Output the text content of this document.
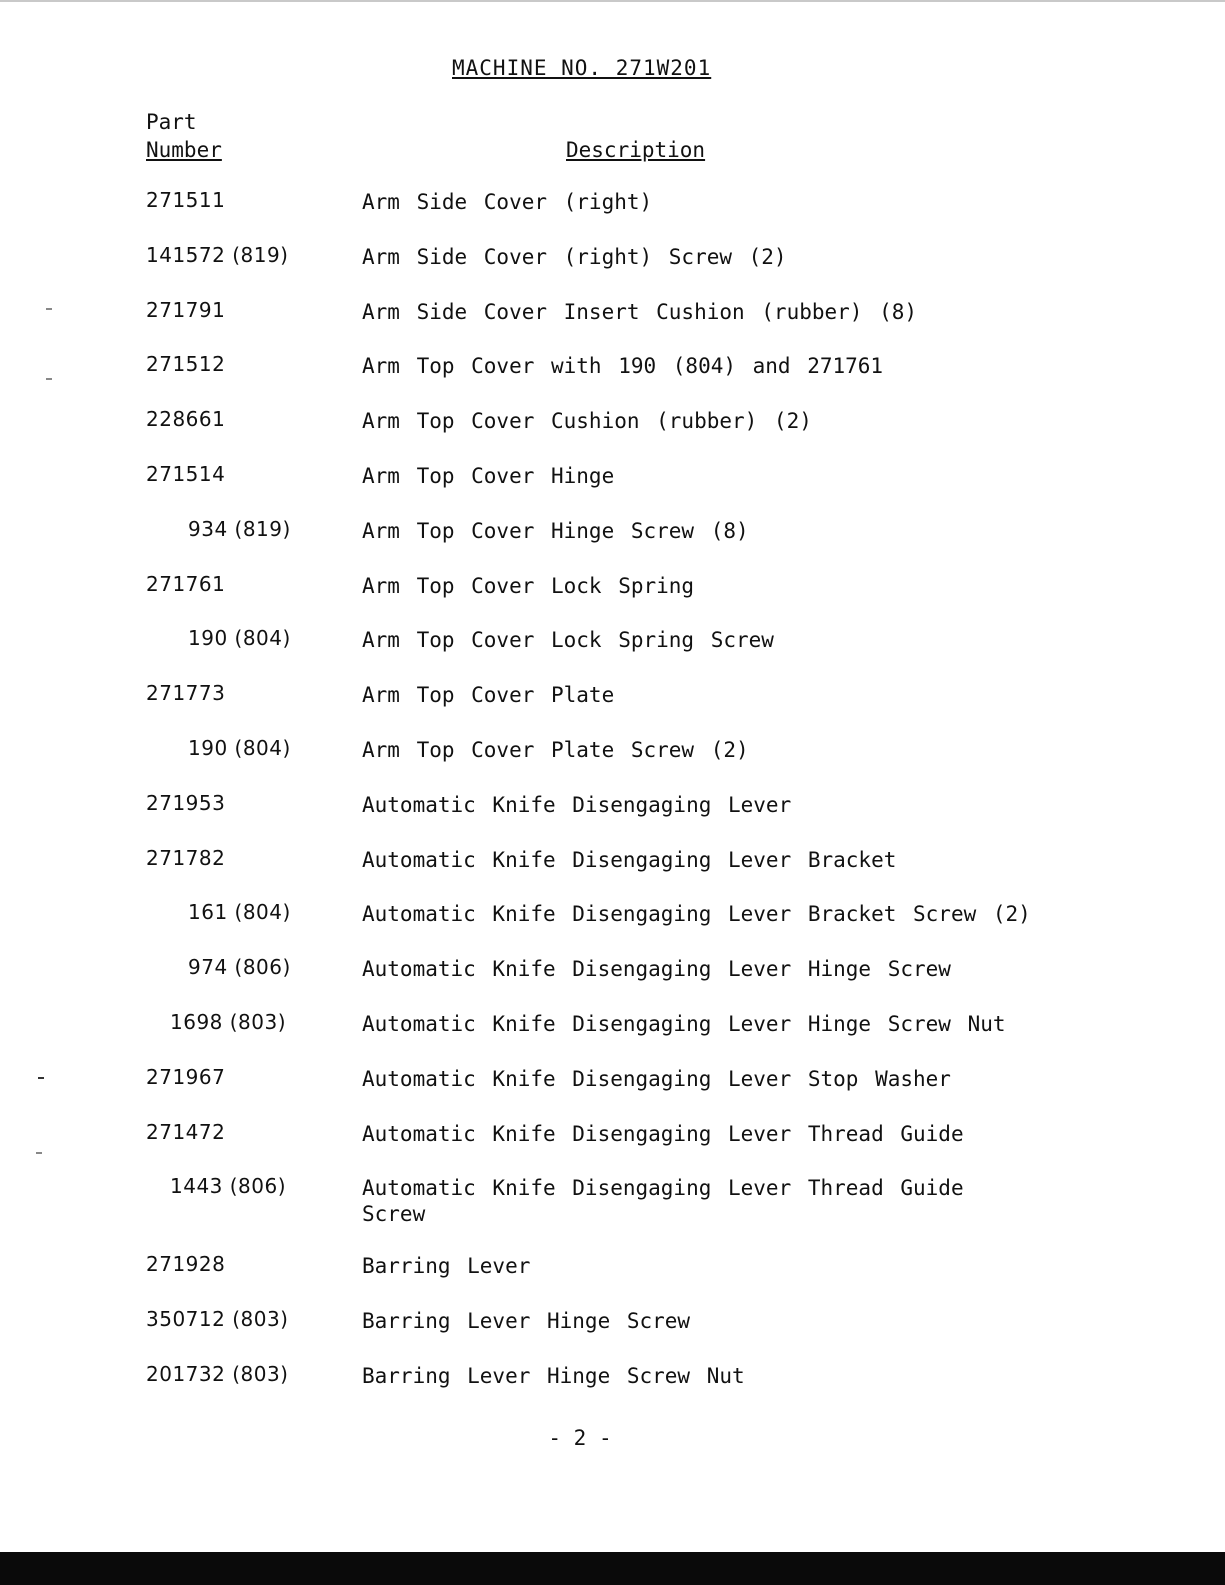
MACHINE NO. 271W201
Part
Number	Description
271511	Arm Side Cover (right)
141572 (819)	Arm Side Cover (right) Screw (2)
271791	Arm Side Cover Insert Cushion (rubber) (8)
271512	Arm Top Cover with 190 (804) and 271761
228661	Arm Top Cover Cushion (rubber) (2)
271514	Arm Top Cover Hinge
934 (819)	Arm Top Cover Hinge Screw (8)
271761	Arm Top Cover Lock Spring
190 (804)	Arm Top Cover Lock Spring Screw
271773	Arm Top Cover Plate
190 (804)	Arm Top Cover Plate Screw (2)
271953	Automatic Knife Disengaging Lever
271782	Automatic Knife Disengaging Lever Bracket
161 (804)	Automatic Knife Disengaging Lever Bracket Screw (2)
974 (806)	Automatic Knife Disengaging Lever Hinge Screw
1698 (803)	Automatic Knife Disengaging Lever Hinge Screw Nut
271967	Automatic Knife Disengaging Lever Stop Washer
271472	Automatic Knife Disengaging Lever Thread Guide
1443 (806)	Automatic Knife Disengaging Lever Thread Guide Screw
271928	Barring Lever
350712 (803)	Barring Lever Hinge Screw
201732 (803)	Barring Lever Hinge Screw Nut
- 2 -
